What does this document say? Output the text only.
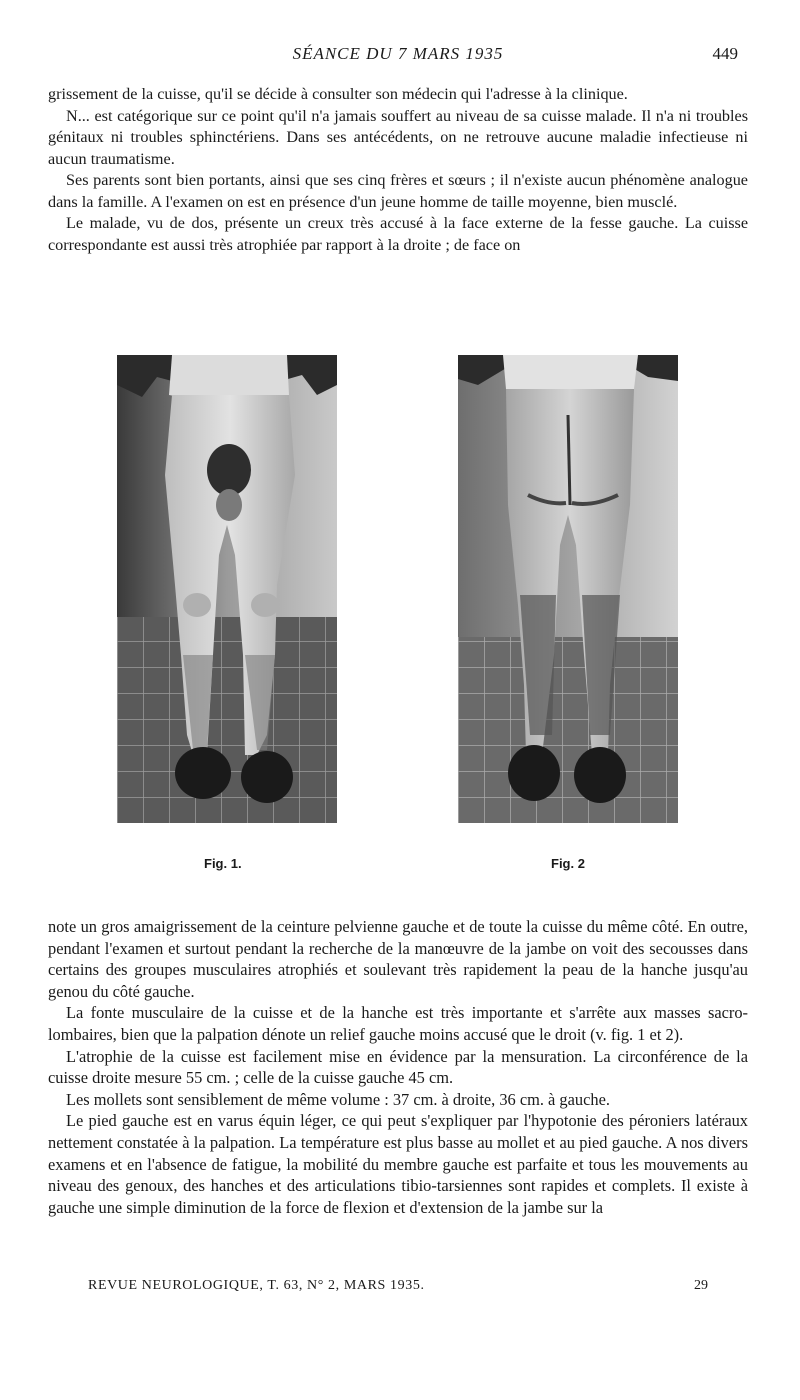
SÉANCE DU 7 MARS 1935	449

grissement de la cuisse, qu'il se décide à consulter son médecin qui l'adresse à la clinique.

N... est catégorique sur ce point qu'il n'a jamais souffert au niveau de sa cuisse malade. Il n'a ni troubles génitaux ni troubles sphinctériens. Dans ses antécédents, on ne retrouve aucune maladie infectieuse ni aucun traumatisme.

Ses parents sont bien portants, ainsi que ses cinq frères et sœurs ; il n'existe aucun phénomène analogue dans la famille. A l'examen on est en présence d'un jeune homme de taille moyenne, bien musclé.

Le malade, vu de dos, présente un creux très accusé à la face externe de la fesse gauche. La cuisse correspondante est aussi très atrophiée par rapport à la droite ; de face on

Fig. 1.	Fig. 2

note un gros amaigrissement de la ceinture pelvienne gauche et de toute la cuisse du même côté. En outre, pendant l'examen et surtout pendant la recherche de la manœuvre de la jambe on voit des secousses dans certains des groupes musculaires atrophiés et soulevant très rapidement la peau de la hanche jusqu'au genou du côté gauche.

La fonte musculaire de la cuisse et de la hanche est très importante et s'arrête aux masses sacro-lombaires, bien que la palpation dénote un relief gauche moins accusé que le droit (v. fig. 1 et 2).

L'atrophie de la cuisse est facilement mise en évidence par la mensuration. La circonférence de la cuisse droite mesure 55 cm. ; celle de la cuisse gauche 45 cm.

Les mollets sont sensiblement de même volume : 37 cm. à droite, 36 cm. à gauche.

Le pied gauche est en varus équin léger, ce qui peut s'expliquer par l'hypotonie des péroniers latéraux nettement constatée à la palpation. La température est plus basse au mollet et au pied gauche. A nos divers examens et en l'absence de fatigue, la mobilité du membre gauche est parfaite et tous les mouvements au niveau des genoux, des hanches et des articulations tibio-tarsiennes sont rapides et complets. Il existe à gauche une simple diminution de la force de flexion et d'extension de la jambe sur la

REVUE NEUROLOGIQUE, T. 63, N° 2, MARS 1935.	29
